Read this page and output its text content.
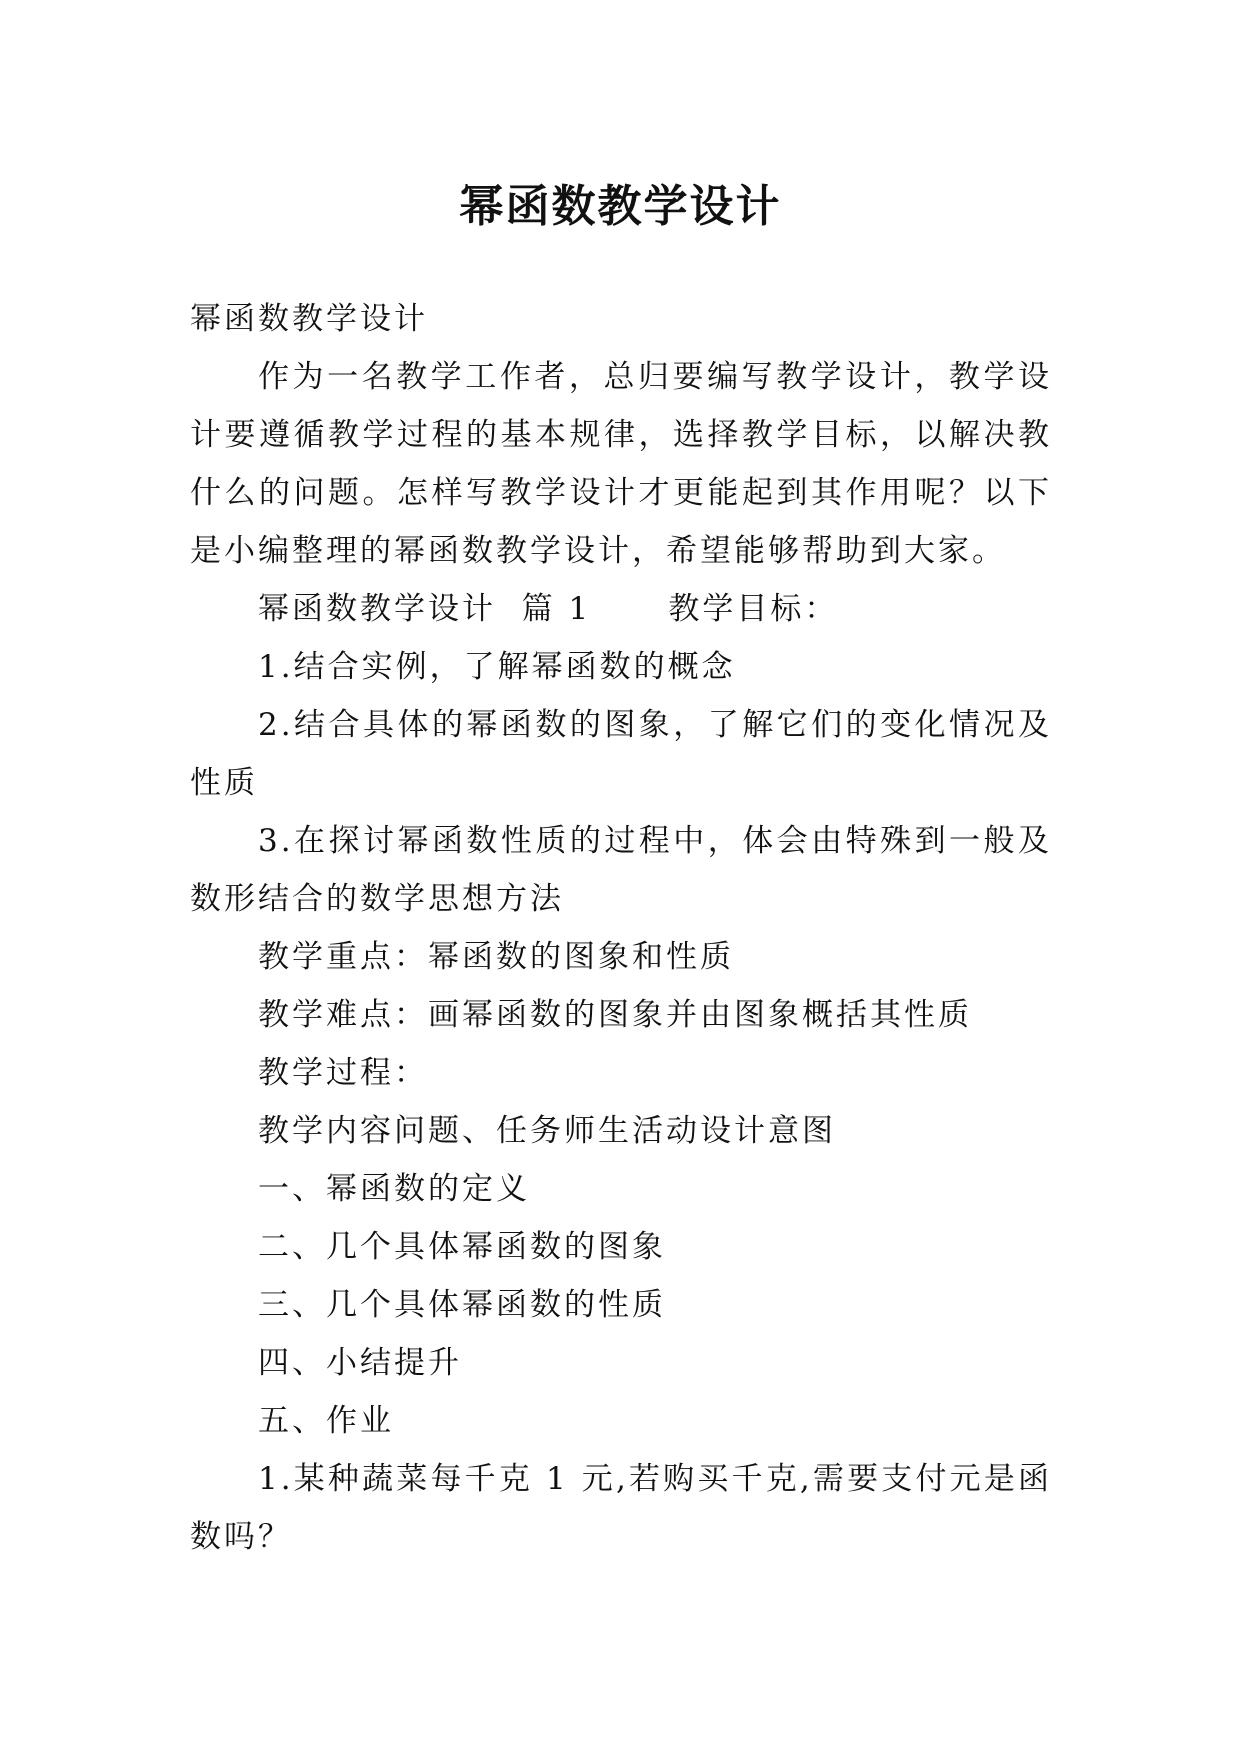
幂函数教学设计

幂函数教学设计

作为一名教学工作者，总归要编写教学设计，教学设计要遵循教学过程的基本规律，选择教学目标，以解决教什么的问题。怎样写教学设计才更能起到其作用呢？以下是小编整理的幂函数教学设计，希望能够帮助到大家。

幂函数教学设计  篇 1      教学目标：

1.结合实例，了解幂函数的概念

2.结合具体的幂函数的图象，了解它们的变化情况及性质

3.在探讨幂函数性质的过程中，体会由特殊到一般及数形结合的数学思想方法

教学重点：幂函数的图象和性质

教学难点：画幂函数的图象并由图象概括其性质

教学过程：

教学内容问题、任务师生活动设计意图

一、幂函数的定义

二、几个具体幂函数的图象

三、几个具体幂函数的性质

四、小结提升

五、作业

1.某种蔬菜每千克 1 元,若购买千克,需要支付元是函数吗？
